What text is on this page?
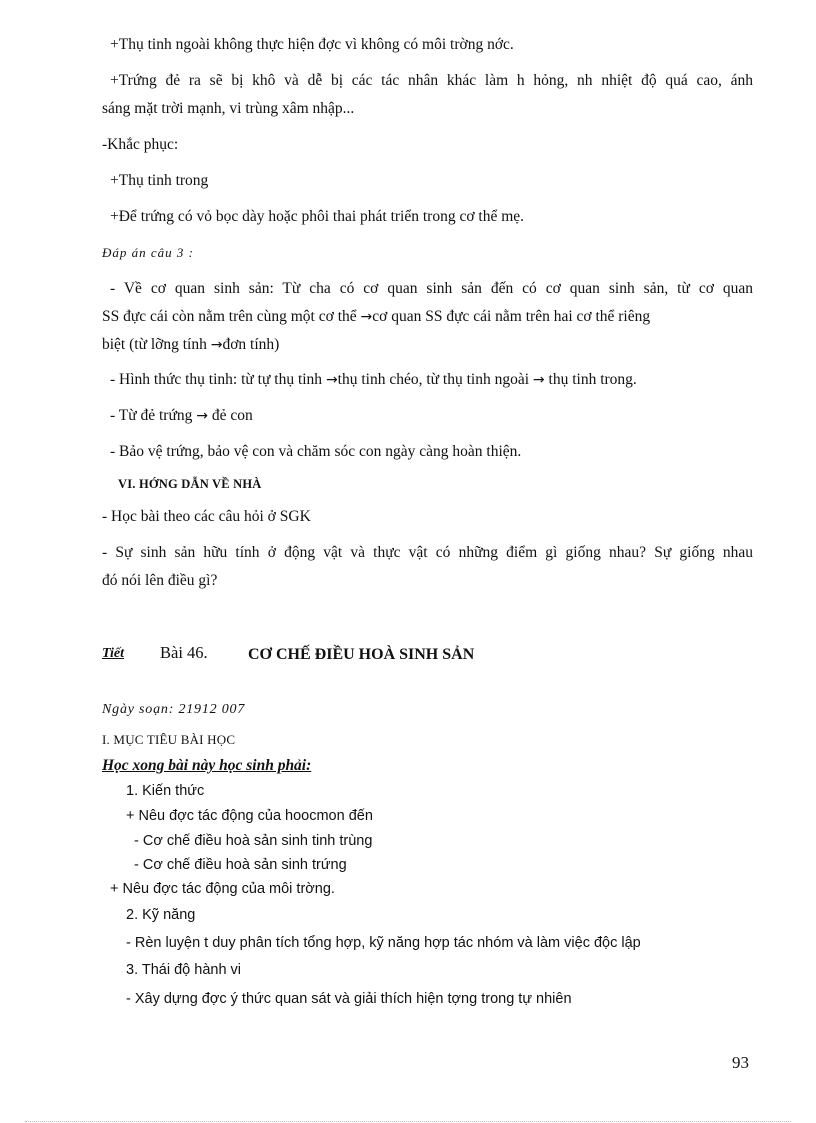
+Thụ tinh ngoài không thực hiện đợc vì không có môi trờng nớc.
+Trứng đẻ ra sẽ bị khô và dễ bị các tác nhân khác làm h hỏng, nh nhiệt độ quá cao, ánh
sáng mặt trời mạnh, vi trùng xâm nhập...
-Khắc phục:
+Thụ tinh trong
+Để trứng có vỏ bọc dày hoặc phôi thai phát triển trong cơ thể mẹ.
Đáp án câu 3 :
- Về cơ quan sinh sản: Từ cha có cơ quan sinh sản đến có cơ quan sinh sản, từ cơ quan
SS đực cái còn nằm trên cùng một cơ thể →cơ quan SS đực cái nằm trên hai cơ thể riêng
biệt (từ lỡng tính →đơn tính)
- Hình thức thụ tinh: từ tự thụ tinh →thụ tinh chéo, từ thụ tinh ngoài → thụ tinh trong.
- Từ đẻ trứng → đẻ con
- Bảo vệ trứng, bảo vệ con và chăm sóc con ngày càng hoàn thiện.
VI. HỚNG DẪN VỀ NHÀ
- Học bài theo các câu hỏi ở SGK
- Sự sinh sản hữu tính ở động vật và thực vật có những điểm gì giống nhau? Sự giống nhau
đó nói lên điều gì?
Tiết Bài 46.	CƠ CHẾ ĐIỀU HOÀ SINH SẢN
Ngày soạn: 21912 007
I. MỤC TIÊU BÀI HỌC
Học xong bài này học sinh phải:
1. Kiến thức
+ Nêu đợc tác động của hoocmon đến
- Cơ chế điều hoà sản sinh tinh trùng
- Cơ chế điều hoà sản sinh trứng
+ Nêu đợc tác động của môi trờng.
2. Kỹ năng
- Rèn luyện t duy phân tích tổng hợp, kỹ năng hợp tác nhóm và làm việc độc lập
3. Thái độ hành vi
- Xây dựng đợc ý thức quan sát và giải thích hiện tợng trong tự nhiên
93
